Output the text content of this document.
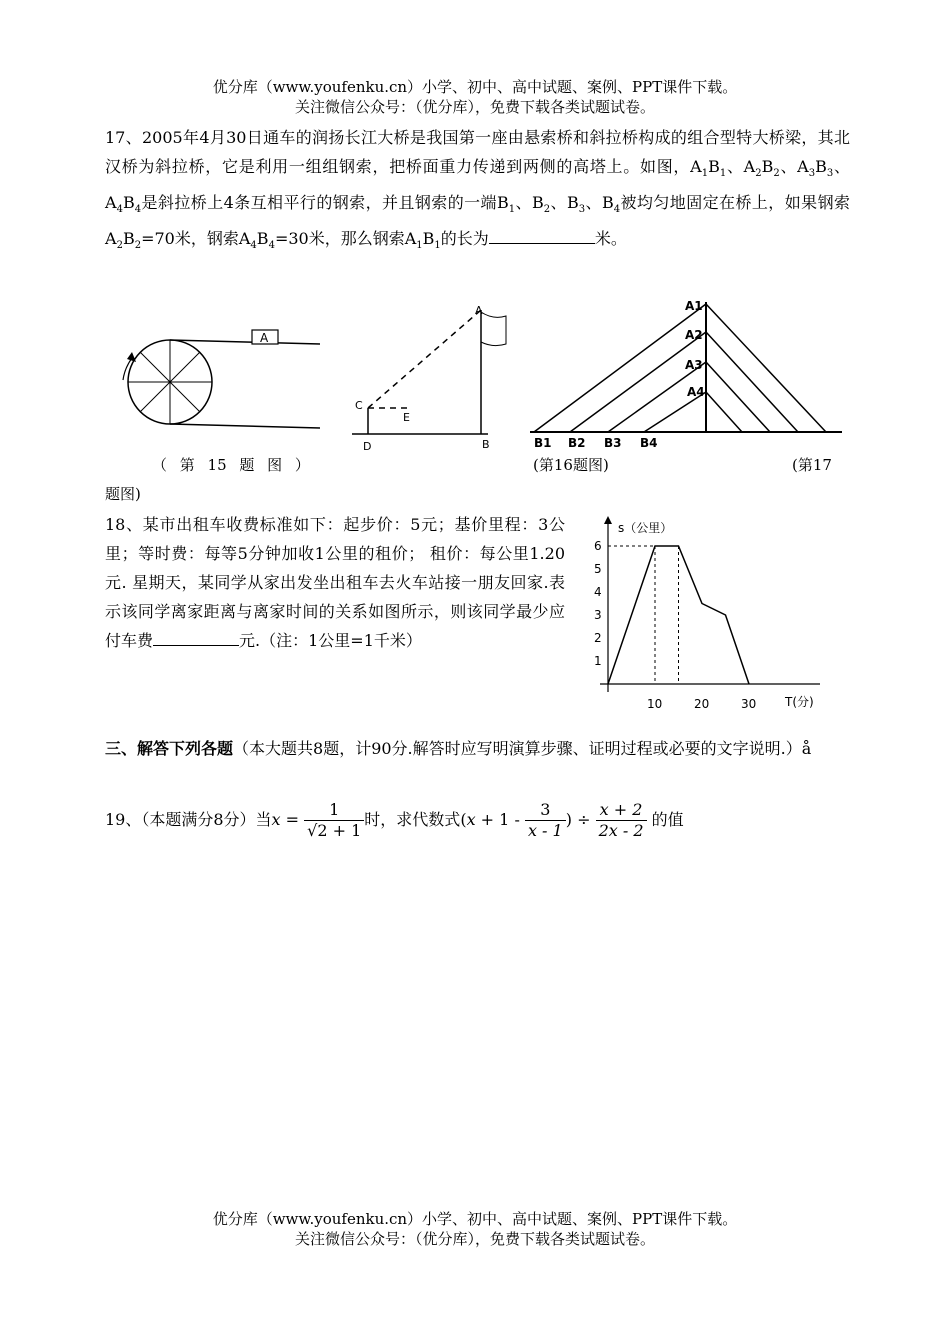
优分库（www.youfenku.cn）小学、初中、高中试题、案例、PPT课件下载。
关注微信公众号：（优分库），免费下载各类试题试卷。
17、2005年4月30日通车的润扬长江大桥是我国第一座由悬索桥和斜拉桥构成的组合型特大桥梁，其北汉桥为斜拉桥，它是利用一组组钢索，把桥面重力传递到两侧的高塔上。如图，$A_1B_1$、$A_2B_2$、$A_3B_3$、$A_4B_4$是斜拉桥上4条互相平行的钢索，并且钢索的一端$B_1$、$B_2$、$B_3$、$B_4$被均匀地固定在桥上，如果钢索$A_2B_2=70$米，钢索$A_4B_4=30$米，那么钢索$A_1B_1$的长为	米。
A
A
B
C
D
E
A1
A2
A3
A4
B1 B2 B3 B4
（ 第 15 题 图 ）	(第16题图)	(第17
题图)
18、某市出租车收费标准如下：起步价：5元；基价里程：3公里；等时费：每等5分钟加收1公里的租价； 租价：每公里1.20元. 星期天，某同学从家出发坐出租车去火车站接一朋友回家.表示该同学离家距离与离家时间的关系如图所示，则该同学最少应付车费	元.（注：1公里=1千米）
s（公里）
T(分)
1
2
3
4
5
6
10	20	30
三、解答下列各题（本大题共8题，计90分.解答时应写明演算步骤、证明过程或必要的文字说明.）å
19、（本题满分8分）当$x = \frac{1}{√2 + 1}$ 时，求代数式($x + 1 - \frac{3}{x - 1}$ ) ÷ $\frac{x + 2}{2x - 2}$ 的值
优分库（www.youfenku.cn）小学、初中、高中试题、案例、PPT课件下载。
关注微信公众号：（优分库），免费下载各类试题试卷。
